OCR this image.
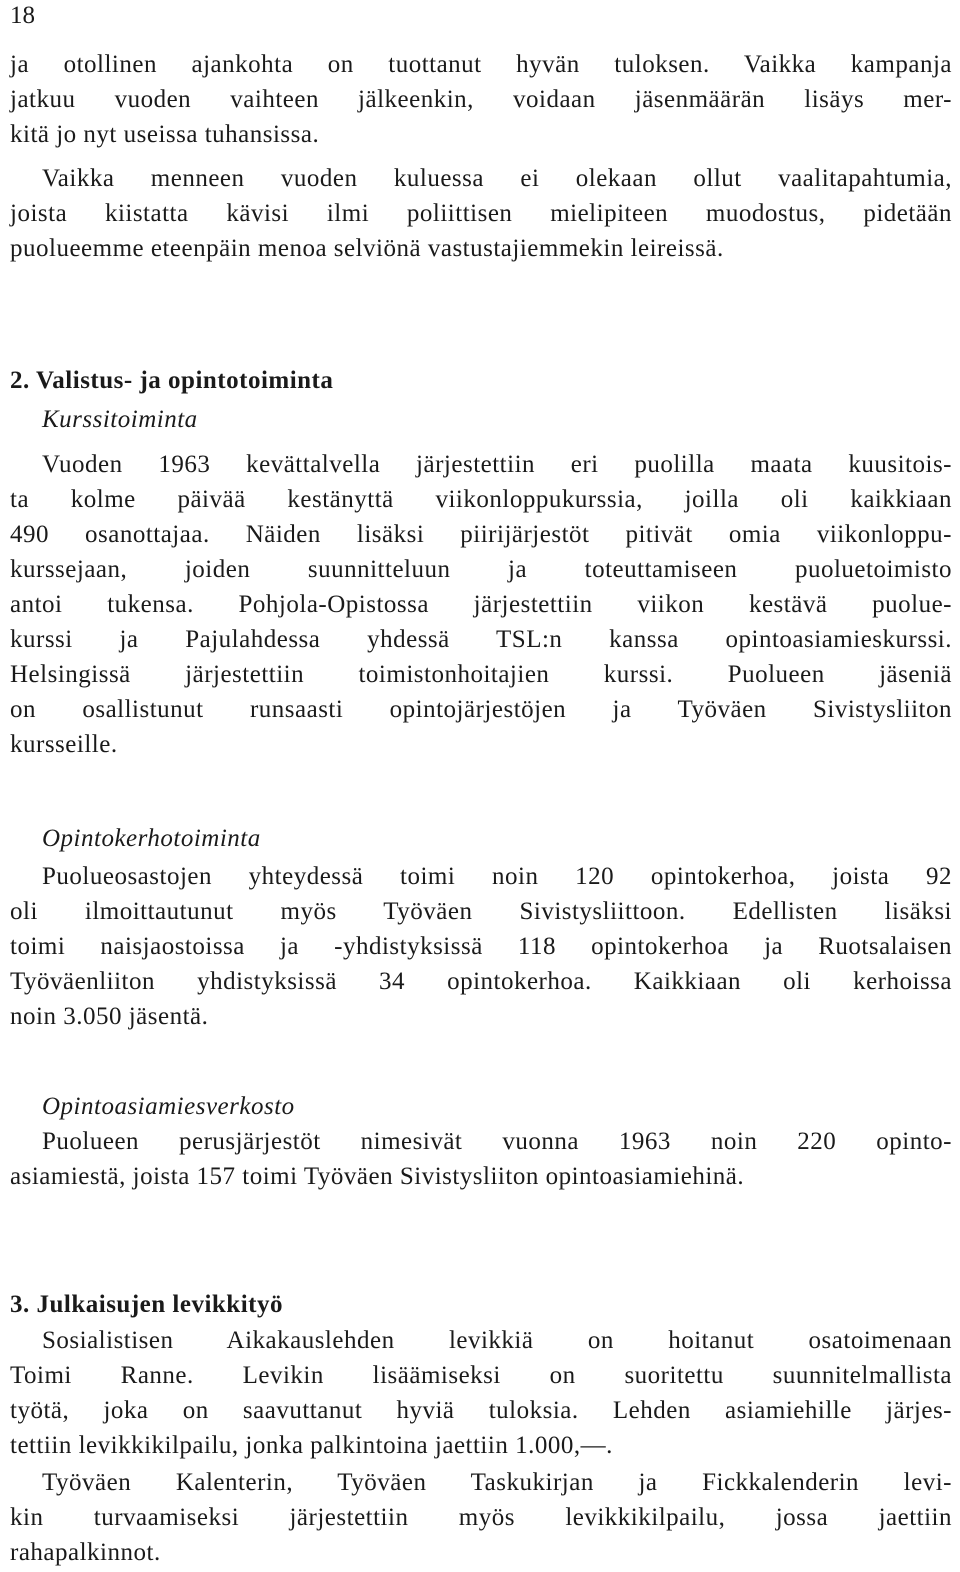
18
ja otollinen ajankohta on tuottanut hyvän tuloksen. Vaikka kampanja
jatkuu vuoden vaihteen jälkeenkin, voidaan jäsenmäärän lisäys mer-
kitä jo nyt useissa tuhansissa.
Vaikka menneen vuoden kuluessa ei olekaan ollut vaalitapahtumia,
joista kiistatta kävisi ilmi poliittisen mielipiteen muodostus, pidetään
puolueemme eteenpäin menoa selviönä vastustajiemmekin leireissä.
2. Valistus- ja opintotoiminta
Kurssitoiminta
Vuoden 1963 kevättalvella järjestettiin eri puolilla maata kuusitois-
ta kolme päivää kestänyttä viikonloppukurssia, joilla oli kaikkiaan
490 osanottajaa. Näiden lisäksi piirijärjestöt pitivät omia viikonloppu-
kurssejaan, joiden suunnitteluun ja toteuttamiseen puoluetoimisto
antoi tukensa. Pohjola-Opistossa järjestettiin viikon kestävä puolue-
kurssi ja Pajulahdessa yhdessä TSL:n kanssa opintoasiamieskurssi.
Helsingissä järjestettiin toimistonhoitajien kurssi. Puolueen jäseniä
on osallistunut runsaasti opintojärjestöjen ja Työväen Sivistysliiton
kursseille.
Opintokerhotoiminta
Puolueosastojen yhteydessä toimi noin 120 opintokerhoa, joista 92
oli ilmoittautunut myös Työväen Sivistysliittoon. Edellisten lisäksi
toimi naisjaostoissa ja -yhdistyksissä 118 opintokerhoa ja Ruotsalaisen
Työväenliiton yhdistyksissä 34 opintokerhoa. Kaikkiaan oli kerhoissa
noin 3.050 jäsentä.
Opintoasiamiesverkosto
Puolueen perusjärjestöt nimesivät vuonna 1963 noin 220 opinto-
asiamiestä, joista 157 toimi Työväen Sivistysliiton opintoasiamiehinä.
3. Julkaisujen levikkityö
Sosialistisen Aikakauslehden levikkiä on hoitanut osatoimenaan
Toimi Ranne. Levikin lisäämiseksi on suoritettu suunnitelmallista
työtä, joka on saavuttanut hyviä tuloksia. Lehden asiamiehille järjes-
tettiin levikkikilpailu, jonka palkintoina jaettiin 1.000,—.
Työväen Kalenterin, Työväen Taskukirjan ja Fickkalenderin levi-
kin turvaamiseksi järjestettiin myös levikkikilpailu, jossa jaettiin
rahapalkinnot.
